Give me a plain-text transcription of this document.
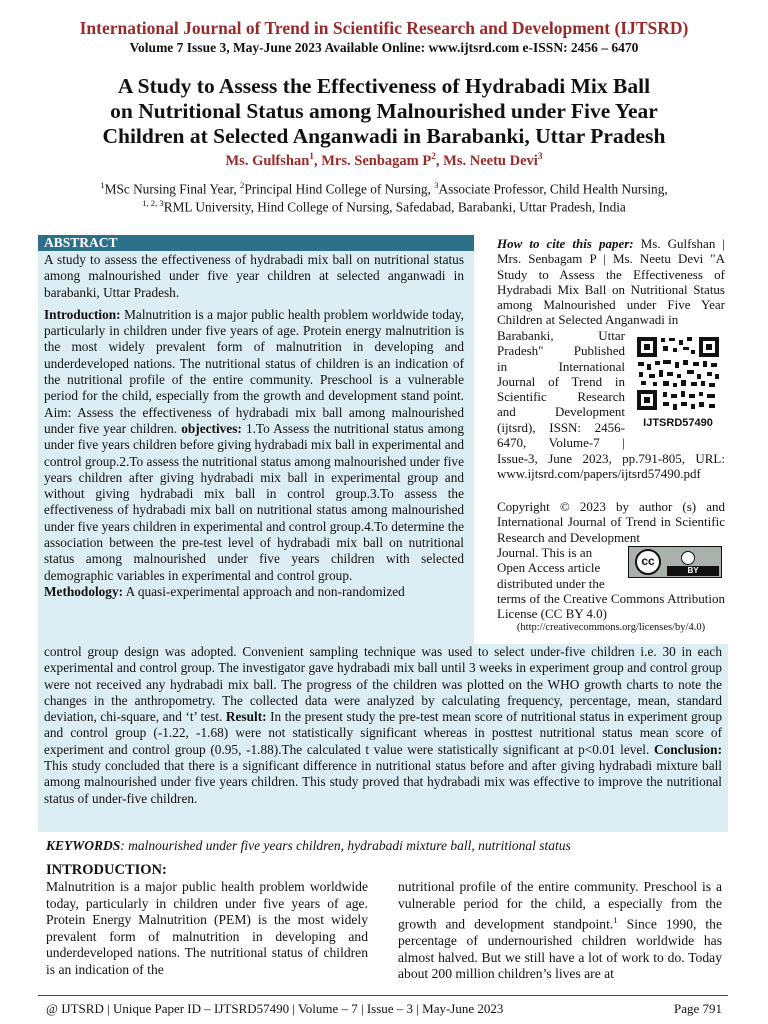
International Journal of Trend in Scientific Research and Development (IJTSRD)
Volume 7 Issue 3, May-June 2023 Available Online: www.ijtsrd.com e-ISSN: 2456 – 6470
A Study to Assess the Effectiveness of Hydrabadi Mix Ball
on Nutritional Status among Malnourished under Five Year
Children at Selected Anganwadi in Barabanki, Uttar Pradesh
Ms. Gulfshan$^1$, Mrs. Senbagam $P^2$, Ms. Neetu Devi$^3$
$^1$MSc Nursing Final Year, $^2$Principal Hind College of Nursing, $^3$Associate Professor, Child Health Nursing,
$^{1, 2, 3}$RML University, Hind College of Nursing, Safedabad, Barabanki, Uttar Pradesh, India
ABSTRACT

A study to assess the effectiveness of hydrabadi mix ball on nutritional status among malnourished under five year children at selected anganwadi in barabanki, Uttar Pradesh.

Introduction: Malnutrition is a major public health problem worldwide today, particularly in children under five years of age. Protein energy malnutrition is the most widely prevalent form of malnutrition in developing and underdeveloped nations. The nutritional status of children is an indication of the nutritional profile of the entire community. Preschool is a vulnerable period for the child, especially from the growth and development stand point. Aim: Assess the effectiveness of hydrabadi mix ball among malnourished under five year children. objectives: 1.To Assess the nutritional status among under five years children before giving hydrabadi mix ball in experimental and control group.2.To assess the nutritional status among malnourished under five years children after giving hydrabadi mix ball in experimental group and without giving hydrabadi mix ball in control group.3.To assess the effectiveness of hydrabadi mix ball on nutritional status among malnourished under five years children in experimental and control group.4.To determine the association between the pre-test level of hydrabadi mix ball on nutritional status among malnourished under five years children with selected demographic variables in experimental and control group.
Methodology: A quasi-experimental approach and non-randomized

control group design was adopted. Convenient sampling technique was used to select under-five children i.e. 30 in each experimental and control group. The investigator gave hydrabadi mix ball until 3 weeks in experiment group and control group were not received any hydrabadi mix ball. The progress of the children was plotted on the WHO growth charts to note the changes in the anthropometry. The collected data were analyzed by calculating frequency, percentage, mean, standard deviation, chi-square, and ‘t’ test. Result: In the present study the pre-test mean score of nutritional status in experiment group and control group (-1.22, -1.68) were not statistically significant whereas in posttest nutritional status mean score of experiment and control group (0.95, -1.88).The calculated t value were statistically significant at p<0.01 level. Conclusion: This study concluded that there is a significant difference in nutritional status before and after giving hydrabadi mixture ball among malnourished under five years children. This study proved that hydrabadi mix was effective to improve the nutritional status of under-five children.
How to cite this paper: Ms. Gulfshan | Mrs. Senbagam P | Ms. Neetu Devi "A Study to Assess the Effectiveness of Hydrabadi Mix Ball on Nutritional Status among Malnourished under Five Year Children at Selected Anganwadi in
Barabanki, Uttar
Pradesh" Published
in International
Journal of Trend in
Scientific Research
and Development
(ijtsrd), ISSN: 2456-
6470, Volume-7 |
Issue-3, June 2023, pp.791-805, URL: www.ijtsrd.com/papers/ijtsrd57490.pdf
IJTSRD57490
Copyright © 2023 by author (s) and International Journal of Trend in Scientific Research and Development
Journal. This is an
Open Access article
distributed under the
terms of the Creative Commons Attribution License (CC BY 4.0)
(http://creativecommons.org/licenses/by/4.0)
cc
BY
KEYWORDS: malnourished under five years children, hydrabadi mixture ball, nutritional status
INTRODUCTION:
Malnutrition is a major public health problem worldwide today, particularly in children under five years of age. Protein Energy Malnutrition (PEM) is the most widely prevalent form of malnutrition in developing and underdeveloped nations. The nutritional status of children is an indication of the
nutritional profile of the entire community. Preschool is a vulnerable period for the child, a especially from the growth and development standpoint.$^1$ Since 1990, the percentage of undernourished children worldwide has almost halved. But we still have a lot of work to do. Today about 200 million children’s lives are at
@ IJTSRD | Unique Paper ID – IJTSRD57490 | Volume – 7 | Issue – 3 | May-June 2023	Page 791
